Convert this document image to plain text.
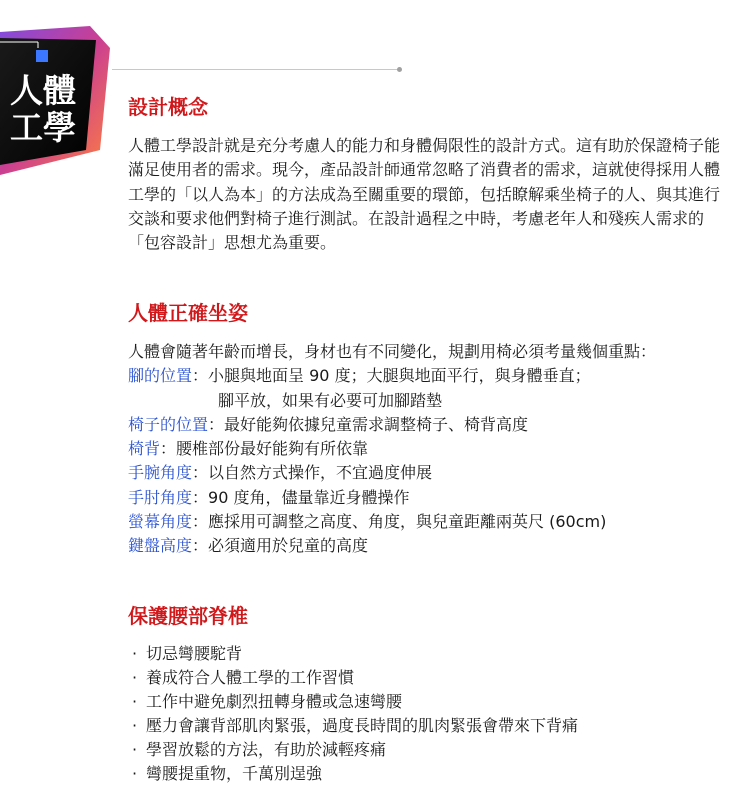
人體
工學
設計概念

人體工學設計就是充分考慮人的能力和身體侷限性的設計方式。這有助於保證椅子能滿足使用者的需求。現今，產品設計師通常忽略了消費者的需求，這就使得採用人體工學的「以人為本」的方法成為至關重要的環節，包括瞭解乘坐椅子的人、與其進行交談和要求他們對椅子進行測試。在設計過程之中時，考慮老年人和殘疾人需求的「包容設計」思想尤為重要。

人體正確坐姿
人體會隨著年齡而增長，身材也有不同變化，規劃用椅必須考量幾個重點：
腳的位置：小腿與地面呈 90 度；大腿與地面平行，與身體垂直；
腳平放，如果有必要可加腳踏墊
椅子的位置：最好能夠依據兒童需求調整椅子、椅背高度
椅背：腰椎部份最好能夠有所依靠
手腕角度：以自然方式操作，不宜過度伸展
手肘角度：90 度角，儘量靠近身體操作
螢幕角度：應採用可調整之高度、角度，與兒童距離兩英尺 (60cm)
鍵盤高度：必須適用於兒童的高度
保護腰部脊椎
· 切忌彎腰駝背
· 養成符合人體工學的工作習慣
· 工作中避免劇烈扭轉身體或急速彎腰
· 壓力會讓背部肌肉緊張，過度長時間的肌肉緊張會帶來下背痛
· 學習放鬆的方法，有助於減輕疼痛
· 彎腰提重物，千萬別逞強
